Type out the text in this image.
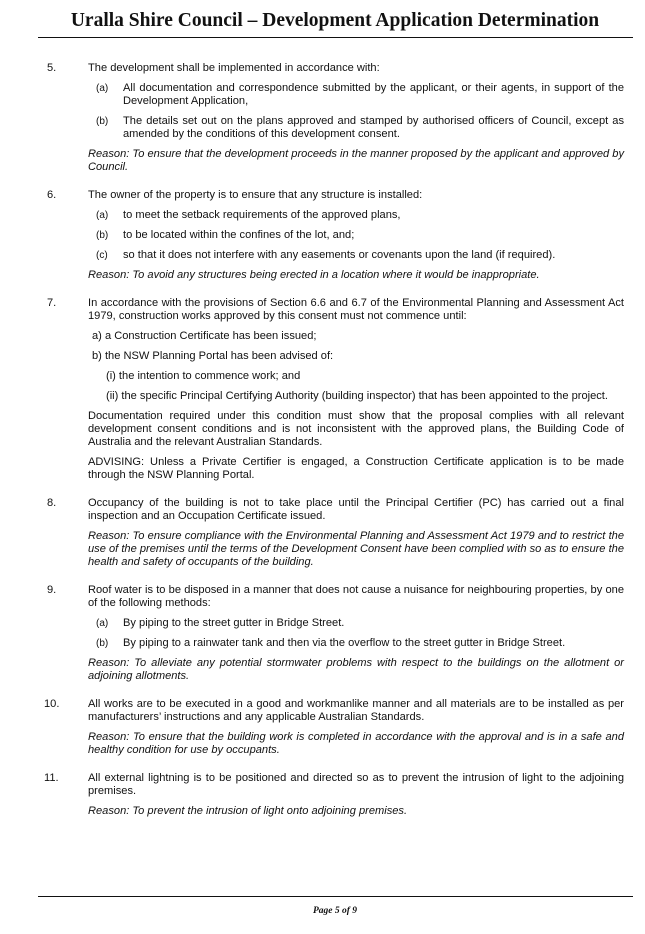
Uralla Shire Council – Development Application Determination
5.	The development shall be implemented in accordance with:
(a) All documentation and correspondence submitted by the applicant, or their agents, in support of the Development Application,
(b) The details set out on the plans approved and stamped by authorised officers of Council, except as amended by the conditions of this development consent.
Reason: To ensure that the development proceeds in the manner proposed by the applicant and approved by Council.
6.	The owner of the property is to ensure that any structure is installed:
(a) to meet the setback requirements of the approved plans,
(b) to be located within the confines of the lot, and;
(c) so that it does not interfere with any easements or covenants upon the land (if required).
Reason: To avoid any structures being erected in a location where it would be inappropriate.
7.	In accordance with the provisions of Section 6.6 and 6.7 of the Environmental Planning and Assessment Act 1979, construction works approved by this consent must not commence until:
a) a Construction Certificate has been issued;
b) the NSW Planning Portal has been advised of:
(i) the intention to commence work; and
(ii) the specific Principal Certifying Authority (building inspector) that has been appointed to the project.
Documentation required under this condition must show that the proposal complies with all relevant development consent conditions and is not inconsistent with the approved plans, the Building Code of Australia and the relevant Australian Standards.
ADVISING: Unless a Private Certifier is engaged, a Construction Certificate application is to be made through the NSW Planning Portal.
8.	Occupancy of the building is not to take place until the Principal Certifier (PC) has carried out a final inspection and an Occupation Certificate issued.
Reason: To ensure compliance with the Environmental Planning and Assessment Act 1979 and to restrict the use of the premises until the terms of the Development Consent have been complied with so as to ensure the health and safety of occupants of the building.
9.	Roof water is to be disposed in a manner that does not cause a nuisance for neighbouring properties, by one of the following methods:
(a) By piping to the street gutter in Bridge Street.
(b) By piping to a rainwater tank and then via the overflow to the street gutter in Bridge Street.
Reason: To alleviate any potential stormwater problems with respect to the buildings on the allotment or adjoining allotments.
10.	All works are to be executed in a good and workmanlike manner and all materials are to be installed as per manufacturers’ instructions and any applicable Australian Standards.
Reason: To ensure that the building work is completed in accordance with the approval and is in a safe and healthy condition for use by occupants.
11.	All external lightning is to be positioned and directed so as to prevent the intrusion of light to the adjoining premises.
Reason: To prevent the intrusion of light onto adjoining premises.
Page 5 of 9
